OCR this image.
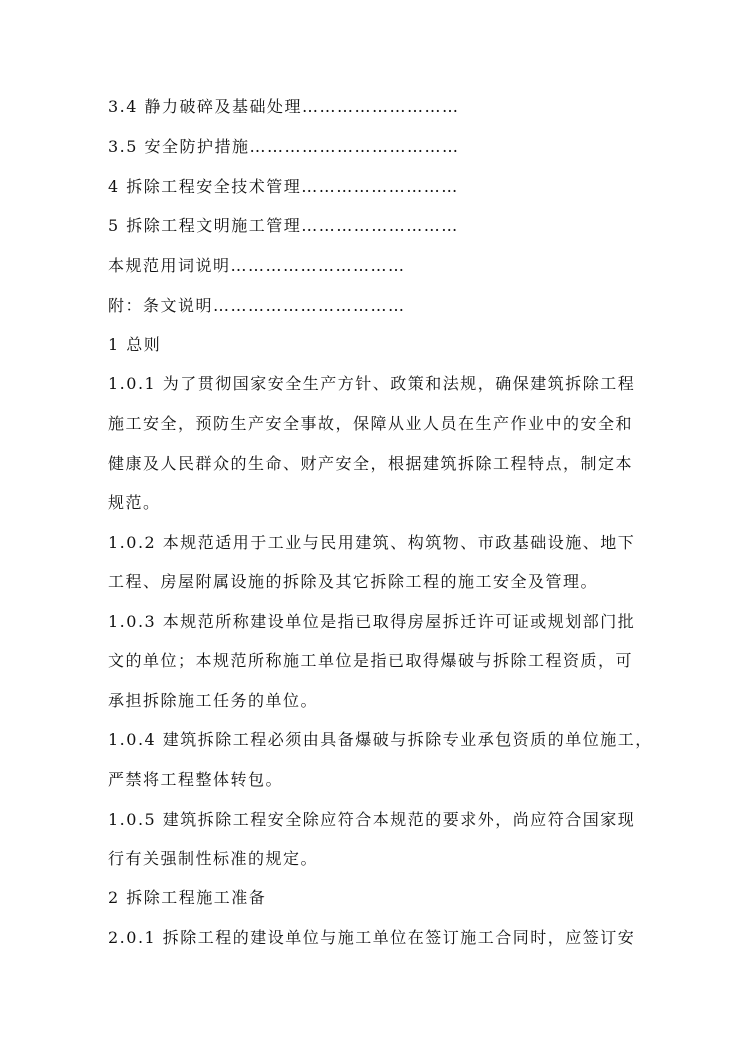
3.4 静力破碎及基础处理………………………
3.5 安全防护措施………………………………
4 拆除工程安全技术管理………………………
5 拆除工程文明施工管理………………………
本规范用词说明…………………………
附：条文说明……………………………
1 总则
1.0.1 为了贯彻国家安全生产方针、政策和法规，确保建筑拆除工程
施工安全，预防生产安全事故，保障从业人员在生产作业中的安全和
健康及人民群众的生命、财产安全，根据建筑拆除工程特点，制定本
规范。
1.0.2 本规范适用于工业与民用建筑、构筑物、市政基础设施、地下
工程、房屋附属设施的拆除及其它拆除工程的施工安全及管理。
1.0.3 本规范所称建设单位是指已取得房屋拆迁许可证或规划部门批
文的单位；本规范所称施工单位是指已取得爆破与拆除工程资质，可
承担拆除施工任务的单位。
1.0.4 建筑拆除工程必须由具备爆破与拆除专业承包资质的单位施工，
严禁将工程整体转包。
1.0.5 建筑拆除工程安全除应符合本规范的要求外，尚应符合国家现
行有关强制性标准的规定。
2 拆除工程施工准备
2.0.1 拆除工程的建设单位与施工单位在签订施工合同时，应签订安
